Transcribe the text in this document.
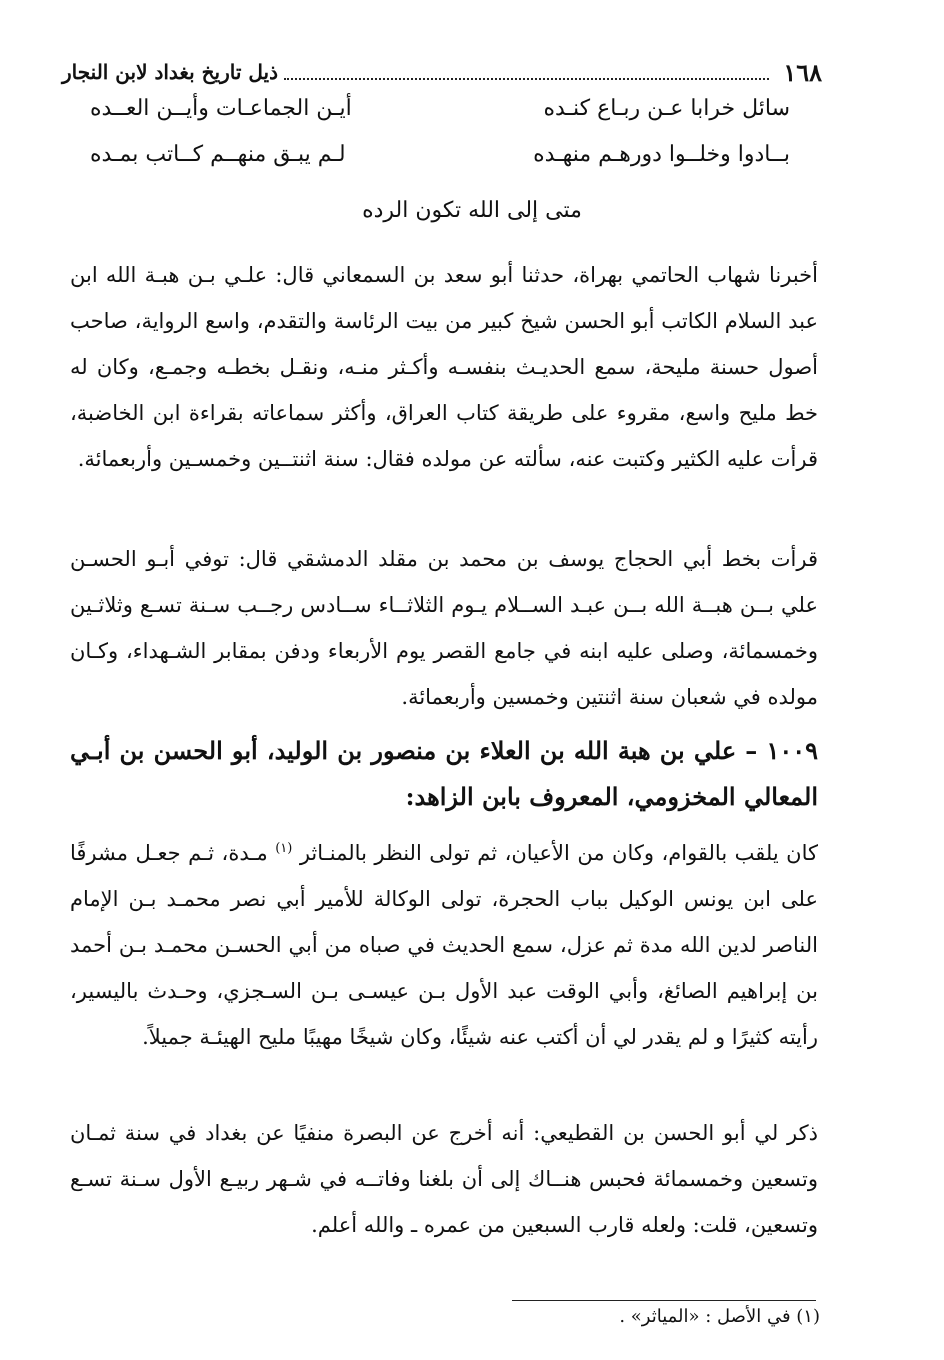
١٦٨
ذيل تاريخ بغداد لابن النجار
سائل خرابا عـن ربـاع كنـده
أيـن الجماعـات وأيــن العــده
بــادوا وخلــوا دورهـم منهـده
لـم يبـق منهــم كــاتب بمـده
متى إلى الله تكون الرده

أخبرنا شهاب الحاتمي بهراة، حدثنا أبو سعد بن السمعاني قال: علـي بـن هبـة الله ابن عبد السلام الكاتب أبو الحسن شيخ كبير من بيت الرئاسة والتقدم، واسع الرواية، صاحب أصول حسنة مليحة، سمع الحديـث بنفسـه وأكـثر منـه، ونقـل بخطـه وجمـع، وكان له خط مليح واسع، مقروء على طريقة كتاب العراق، وأكثر سماعاته بقراءة ابن الخاضبة، قرأت عليه الكثير وكتبت عنه، سألته عن مولده فقال: سنة اثنتــين وخمسـين وأربعمائة.

قرأت بخط أبي الحجاج يوسف بن محمد بن مقلد الدمشقي قال: توفي أبـو الحسـن علي بــن هبــة الله بــن عبـد الســلام يـوم الثلاثــاء ســادس رجــب سـنة تسـع وثلاثـين وخمسمائة، وصلى عليه ابنه في جامع القصر يوم الأربعاء ودفن بمقابر الشـهداء، وكـان مولده في شعبان سنة اثنتين وخمسين وأربعمائة.

١٠٠٩ – علي بن هبة الله بن العلاء بن منصور بن الوليد، أبو الحسن بن أبـي المعالي المخزومي، المعروف بابن الزاهد:

كان يلقب بالقوام، وكان من الأعيان، ثم تولى النظر بالمنـاثر $^{(١)}$ مـدة، ثـم جعـل مشرفًا على ابن يونس الوكيل بباب الحجرة، تولى الوكالة للأمير أبي نصر محمـد بـن الإمام الناصر لدين الله مدة ثم عزل، سمع الحديث في صباه من أبي الحسـن محمـد بـن أحمد بن إبراهيم الصائغ، وأبي الوقت عبد الأول بـن عيسـى بـن السـجزي، وحـدث باليسير، رأيته كثيرًا و لم يقدر لي أن أكتب عنه شيئًا، وكان شيخًا مهيبًا مليح الهيئـة جميلاً.

ذكر لي أبو الحسن بن القطيعي: أنه أخرج عن البصرة منفيًا عن بغداد في سنة ثمـان وتسعين وخمسمائة فحبس هنــاك إلى أن بلغنا وفاتــه في شـهر ربيـع الأول سـنة تسـع وتسعين، قلت: ولعله قارب السبعين من عمره ـ والله أعلم.

(١) في الأصل : «المياثر» .
